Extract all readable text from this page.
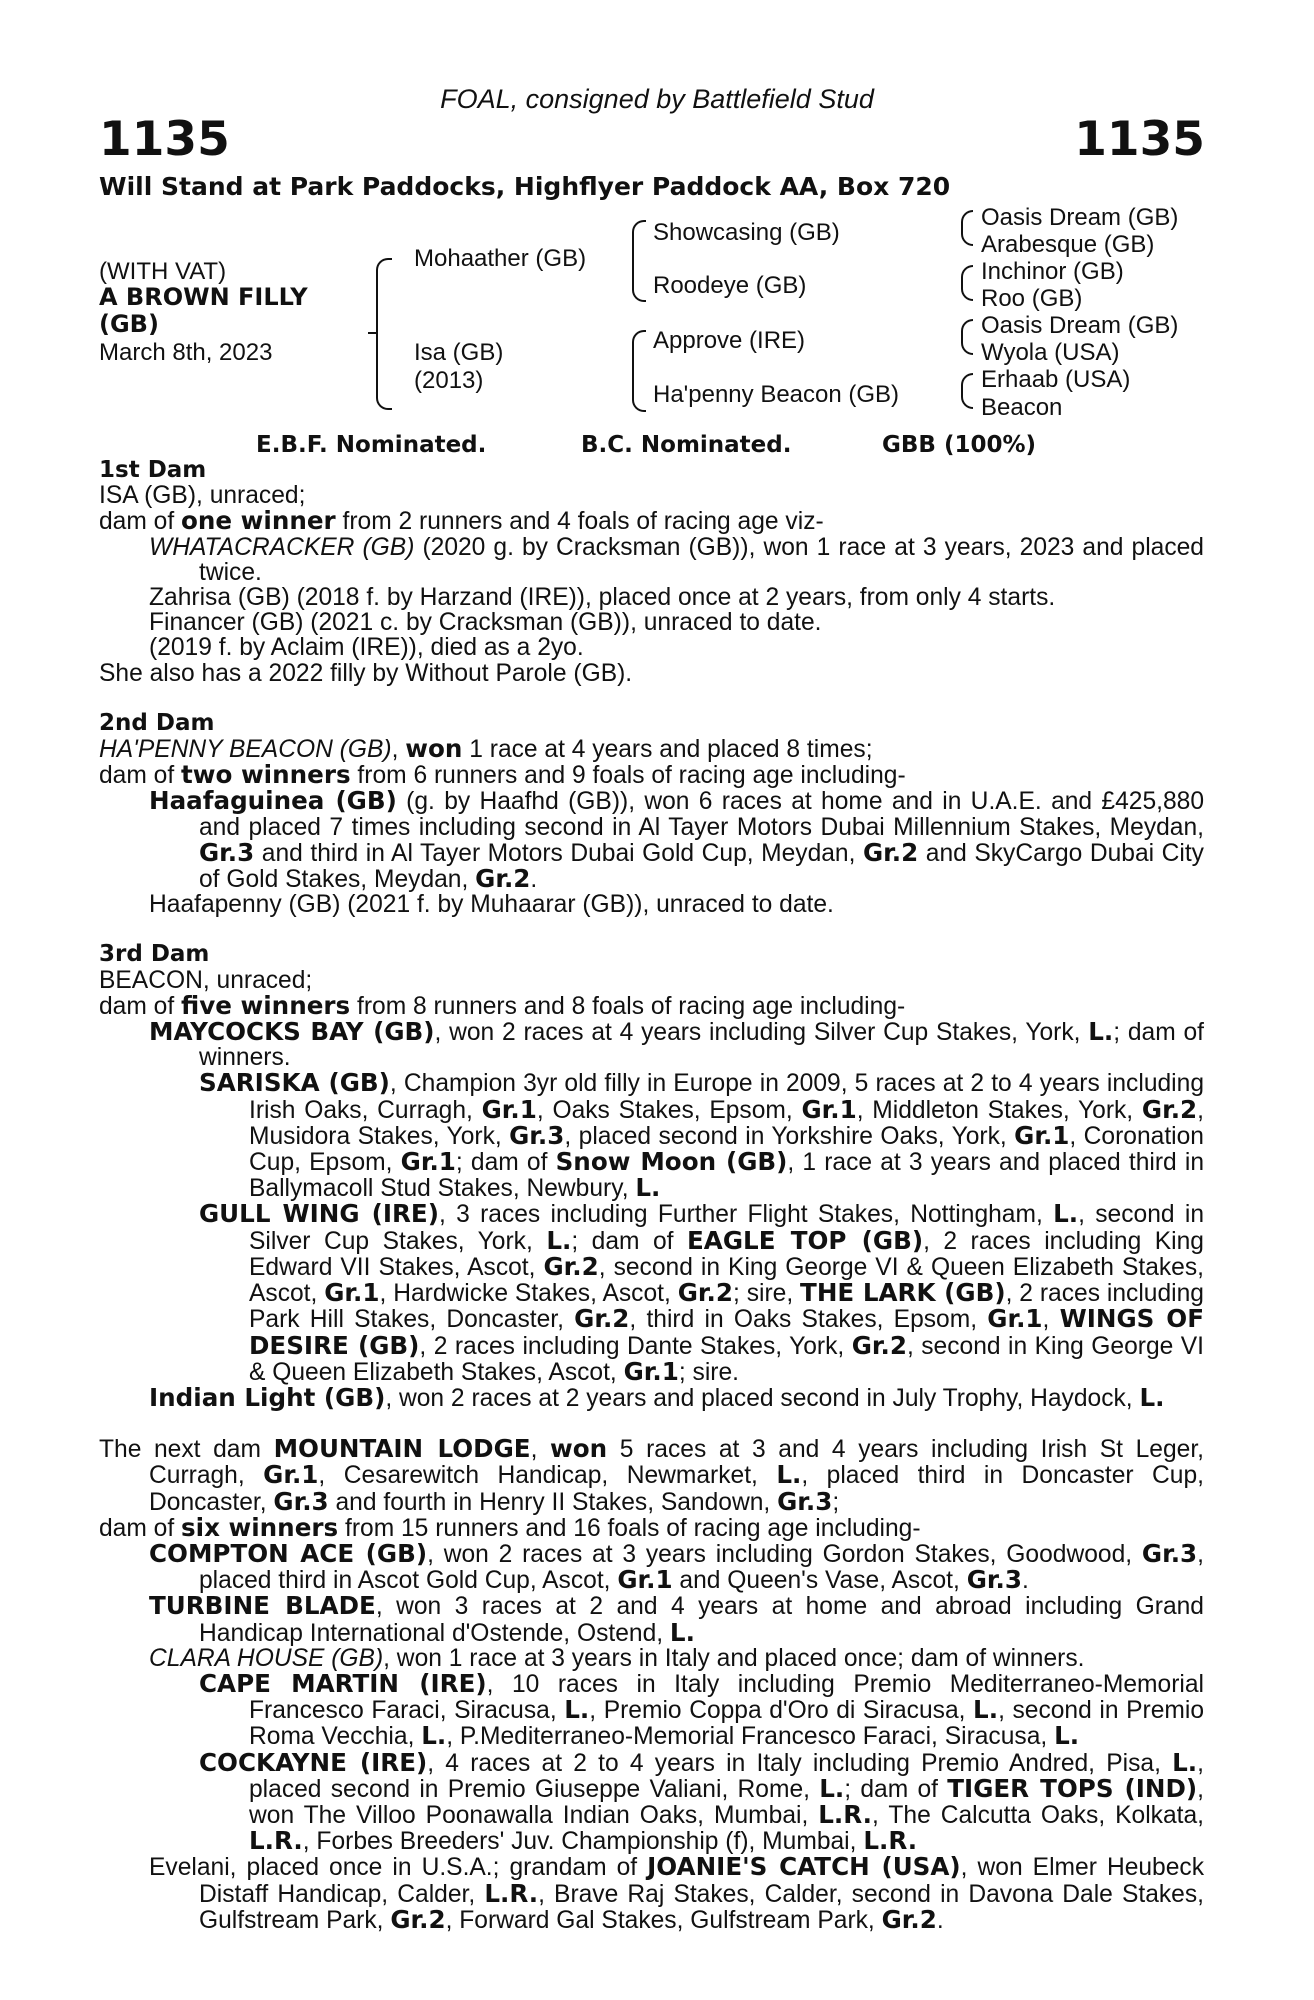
FOAL, consigned by Battlefield Stud
1135	1135
Will Stand at Park Paddocks, Highflyer Paddock AA, Box 720
(WITH VAT)
A BROWN FILLY
(GB)
March 8th, 2023
Mohaather (GB)
Isa (GB)
(2013)
Showcasing (GB)
Roodeye (GB)
Approve (IRE)
Ha'penny Beacon (GB)
Oasis Dream (GB)
Arabesque (GB)
Inchinor (GB)
Roo (GB)
Oasis Dream (GB)
Wyola (USA)
Erhaab (USA)
Beacon
E.B.F. Nominated.	B.C. Nominated.	GBB (100%)

1st Dam

ISA (GB), unraced;

dam of one winner from 2 runners and 4 foals of racing age viz-

WHATACRACKER (GB) (2020 g. by Cracksman (GB)), won 1 race at 3 years, 2023 and placed twice.

Zahrisa (GB) (2018 f. by Harzand (IRE)), placed once at 2 years, from only 4 starts.

Financer (GB) (2021 c. by Cracksman (GB)), unraced to date.

(2019 f. by Aclaim (IRE)), died as a 2yo.

She also has a 2022 filly by Without Parole (GB).

2nd Dam

HA'PENNY BEACON (GB), won 1 race at 4 years and placed 8 times;

dam of two winners from 6 runners and 9 foals of racing age including-

Haafaguinea (GB) (g. by Haafhd (GB)), won 6 races at home and in U.A.E. and £425,880 and placed 7 times including second in Al Tayer Motors Dubai Millennium Stakes, Meydan, Gr.3 and third in Al Tayer Motors Dubai Gold Cup, Meydan, Gr.2 and SkyCargo Dubai City of Gold Stakes, Meydan, Gr.2.

Haafapenny (GB) (2021 f. by Muhaarar (GB)), unraced to date.

3rd Dam

BEACON, unraced;

dam of five winners from 8 runners and 8 foals of racing age including-

MAYCOCKS BAY (GB), won 2 races at 4 years including Silver Cup Stakes, York, L.; dam of winners.

SARISKA (GB), Champion 3yr old filly in Europe in 2009, 5 races at 2 to 4 years including Irish Oaks, Curragh, Gr.1, Oaks Stakes, Epsom, Gr.1, Middleton Stakes, York, Gr.2, Musidora Stakes, York, Gr.3, placed second in Yorkshire Oaks, York, Gr.1, Coronation Cup, Epsom, Gr.1; dam of Snow Moon (GB), 1 race at 3 years and placed third in Ballymacoll Stud Stakes, Newbury, L.

GULL WING (IRE), 3 races including Further Flight Stakes, Nottingham, L., second in Silver Cup Stakes, York, L.; dam of EAGLE TOP (GB), 2 races including King Edward VII Stakes, Ascot, Gr.2, second in King George VI & Queen Elizabeth Stakes, Ascot, Gr.1, Hardwicke Stakes, Ascot, Gr.2; sire, THE LARK (GB), 2 races including Park Hill Stakes, Doncaster, Gr.2, third in Oaks Stakes, Epsom, Gr.1, WINGS OF DESIRE (GB), 2 races including Dante Stakes, York, Gr.2, second in King George VI & Queen Elizabeth Stakes, Ascot, Gr.1; sire.

Indian Light (GB), won 2 races at 2 years and placed second in July Trophy, Haydock, L.

The next dam MOUNTAIN LODGE, won 5 races at 3 and 4 years including Irish St Leger, Curragh, Gr.1, Cesarewitch Handicap, Newmarket, L., placed third in Doncaster Cup, Doncaster, Gr.3 and fourth in Henry II Stakes, Sandown, Gr.3;

dam of six winners from 15 runners and 16 foals of racing age including-

COMPTON ACE (GB), won 2 races at 3 years including Gordon Stakes, Goodwood, Gr.3, placed third in Ascot Gold Cup, Ascot, Gr.1 and Queen's Vase, Ascot, Gr.3.

TURBINE BLADE, won 3 races at 2 and 4 years at home and abroad including Grand Handicap International d'Ostende, Ostend, L.

CLARA HOUSE (GB), won 1 race at 3 years in Italy and placed once; dam of winners.

CAPE MARTIN (IRE), 10 races in Italy including Premio Mediterraneo-Memorial Francesco Faraci, Siracusa, L., Premio Coppa d'Oro di Siracusa, L., second in Premio Roma Vecchia, L., P.Mediterraneo-Memorial Francesco Faraci, Siracusa, L.

COCKAYNE (IRE), 4 races at 2 to 4 years in Italy including Premio Andred, Pisa, L., placed second in Premio Giuseppe Valiani, Rome, L.; dam of TIGER TOPS (IND), won The Villoo Poonawalla Indian Oaks, Mumbai, L.R., The Calcutta Oaks, Kolkata, L.R., Forbes Breeders' Juv. Championship (f), Mumbai, L.R.

Evelani, placed once in U.S.A.; grandam of JOANIE'S CATCH (USA), won Elmer Heubeck Distaff Handicap, Calder, L.R., Brave Raj Stakes, Calder, second in Davona Dale Stakes, Gulfstream Park, Gr.2, Forward Gal Stakes, Gulfstream Park, Gr.2.
